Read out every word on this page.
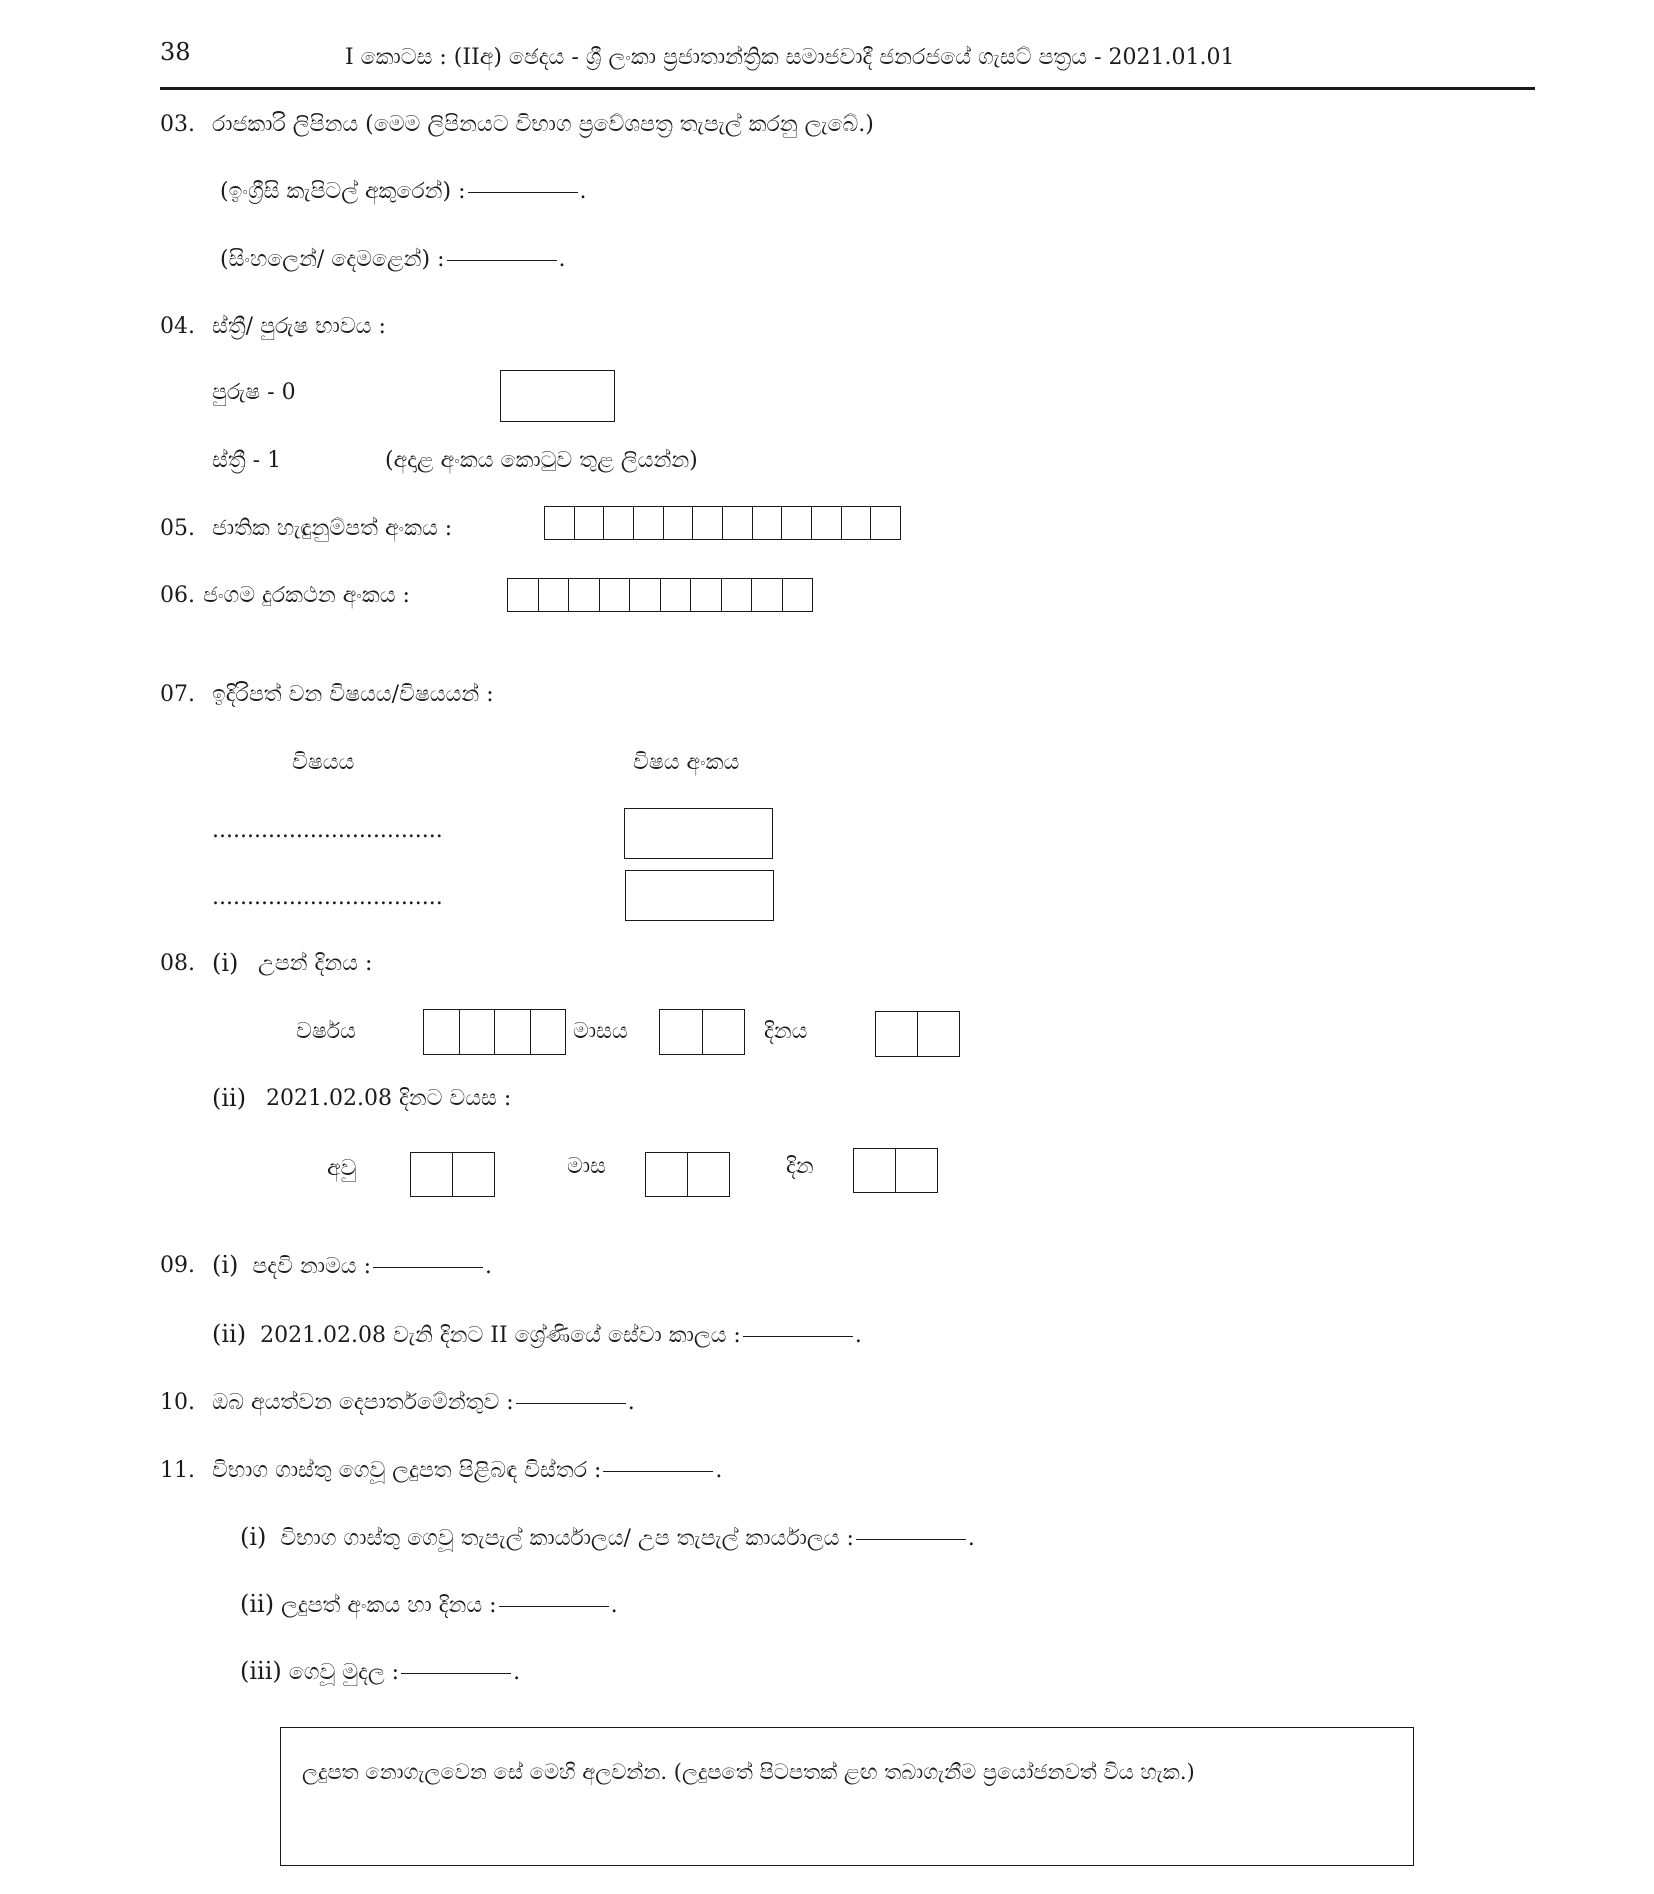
38	I කොටස : (IIඅ) ඡෙදය - ශ්‍රී ලංකා ප්‍රජාතාන්ත්‍රික සමාජවාදී ජනරජයේ ගැසට් පත්‍රය - 2021.01.01
03. රාජකාරි ලිපිනය (මෙම ලිපිනයට විභාග ප්‍රවේශපත්‍ර තැපැල් කරනු ලැබේ.)
(ඉංග්‍රීසි කැපිටල් අකුරෙන්) :	.
(සිංහලෙන්/ දෙමළෙන්) :	.
04. ස්ත්‍රී/ පුරුෂ භාවය :
පුරුෂ - 0
ස්ත්‍රී - 1	(අදාළ අංකය කොටුව තුළ ලියන්න)
05. ජාතික හැඳුනුම්පත් අංකය :
06. ජංගම දුරකථන අංකය :
07. ඉදිරිපත් වන විෂයය/විෂයයන් :
විෂයය	විෂය අංකය
.................................
.................................
08. (i) උපන් දිනය :
වර්ෂය	මාසය	දිනය
(ii) 2021.02.08 දිනට වයස :
අවු	මාස	දින
09. (i) පදවි නාමය :	.
(ii) 2021.02.08 වැනි දිනට II ශ්‍රේණියේ සේවා කාලය :	.
10. ඔබ අයත්වන දෙපාර්තමේන්තුව :	.
11. විභාග ගාස්තු ගෙවූ ලදුපත පිළිබඳ විස්තර :	.
(i) විභාග ගාස්තු ගෙවූ තැපැල් කාර්යාලය/ උප තැපැල් කාර්යාලය :	.
(ii) ලදුපත් අංකය හා දිනය :	.
(iii) ගෙවූ මුදල :	.
ලදුපත නොගැලවෙන සේ මෙහි අලවන්න. (ලදුපතේ පිටපතක් ළඟ තබාගැනීම ප්‍රයෝජනවත් විය හැක.)
